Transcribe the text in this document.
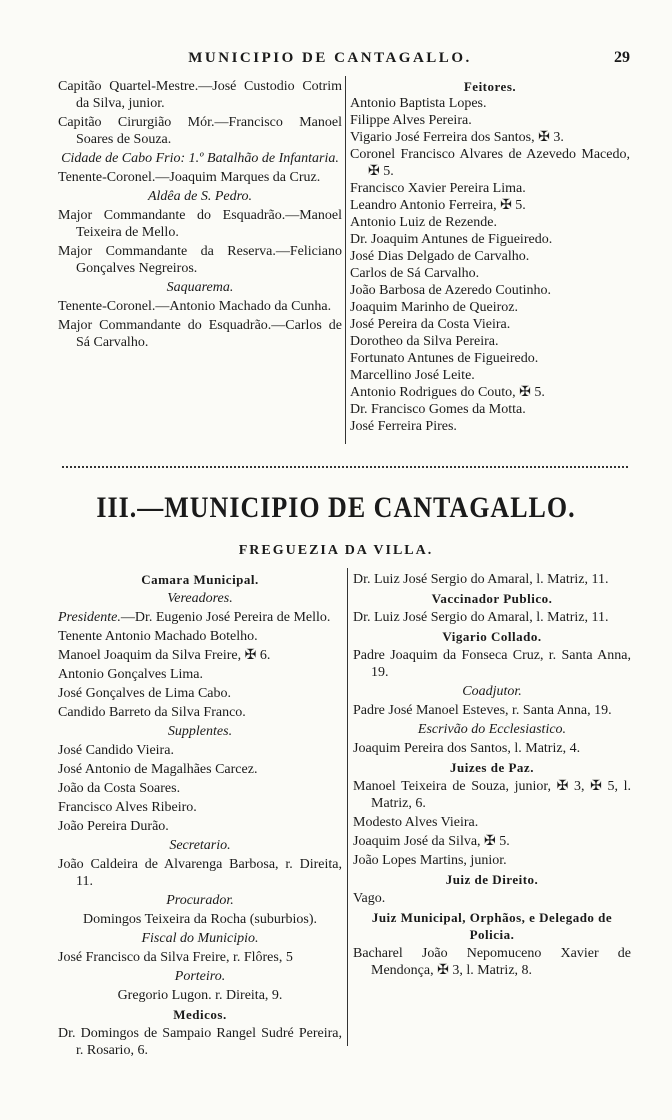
MUNICIPIO DE CANTAGALLO.	29
Capitão Quartel-Mestre.—José Custodio Cotrim da Silva, junior.
Capitão Cirurgião Mór.—Francisco Manoel Soares de Souza.
Cidade de Cabo Frio: 1.º Batalhão de Infantaria.
Tenente-Coronel.—Joaquim Marques da Cruz.
Aldêa de S. Pedro.
Major Commandante do Esquadrão.—Manoel Teixeira de Mello.
Major Commandante da Reserva.—Feliciano Gonçalves Negreiros.
Saquarema.
Tenente-Coronel.—Antonio Machado da Cunha.
Major Commandante do Esquadrão.—Carlos de Sá Carvalho.
Feitores.
Antonio Baptista Lopes.
Filippe Alves Pereira.
Vigario José Ferreira dos Santos, ✠ 3.
Coronel Francisco Alvares de Azevedo Macedo, ✠ 5.
Francisco Xavier Pereira Lima.
Leandro Antonio Ferreira, ✠ 5.
Antonio Luiz de Rezende.
Dr. Joaquim Antunes de Figueiredo.
José Dias Delgado de Carvalho.
Carlos de Sá Carvalho.
João Barbosa de Azeredo Coutinho.
Joaquim Marinho de Queiroz.
José Pereira da Costa Vieira.
Dorotheo da Silva Pereira.
Fortunato Antunes de Figueiredo.
Marcellino José Leite.
Antonio Rodrigues do Couto, ✠ 5.
Dr. Francisco Gomes da Motta.
José Ferreira Pires.
III.—MUNICIPIO DE CANTAGALLO.
FREGUEZIA DA VILLA.
Camara Municipal.
Vereadores.
Presidente.—Dr. Eugenio José Pereira de Mello.
Tenente Antonio Machado Botelho.
Manoel Joaquim da Silva Freire, ✠ 6.
Antonio Gonçalves Lima.
José Gonçalves de Lima Cabo.
Candido Barreto da Silva Franco.
Supplentes.
José Candido Vieira.
José Antonio de Magalhães Carcez.
João da Costa Soares.
Francisco Alves Ribeiro.
João Pereira Durão.
Secretario.
João Caldeira de Alvarenga Barbosa, r. Direita, 11.
Procurador.
Domingos Teixeira da Rocha (suburbios).
Fiscal do Municipio.
José Francisco da Silva Freire, r. Flôres, 5
Porteiro.
Gregorio Lugon. r. Direita, 9.
Medicos.
Dr. Domingos de Sampaio Rangel Sudré Pereira, r. Rosario, 6.
Dr. Luiz José Sergio do Amaral, l. Matriz, 11.
Vaccinador Publico.
Dr. Luiz José Sergio do Amaral, l. Matriz, 11.
Vigario Collado.
Padre Joaquim da Fonseca Cruz, r. Santa Anna, 19.
Coadjutor.
Padre José Manoel Esteves, r. Santa Anna, 19.
Escrivão do Ecclesiastico.
Joaquim Pereira dos Santos, l. Matriz, 4.
Juizes de Paz.
Manoel Teixeira de Souza, junior, ✠ 3, ✠ 5, l. Matriz, 6.
Modesto Alves Vieira.
Joaquim José da Silva, ✠ 5.
João Lopes Martins, junior.
Juiz de Direito.
Vago.
Juiz Municipal, Orphãos, e Delegado de Policia.
Bacharel João Nepomuceno Xavier de Mendonça, ✠ 3, l. Matriz, 8.
